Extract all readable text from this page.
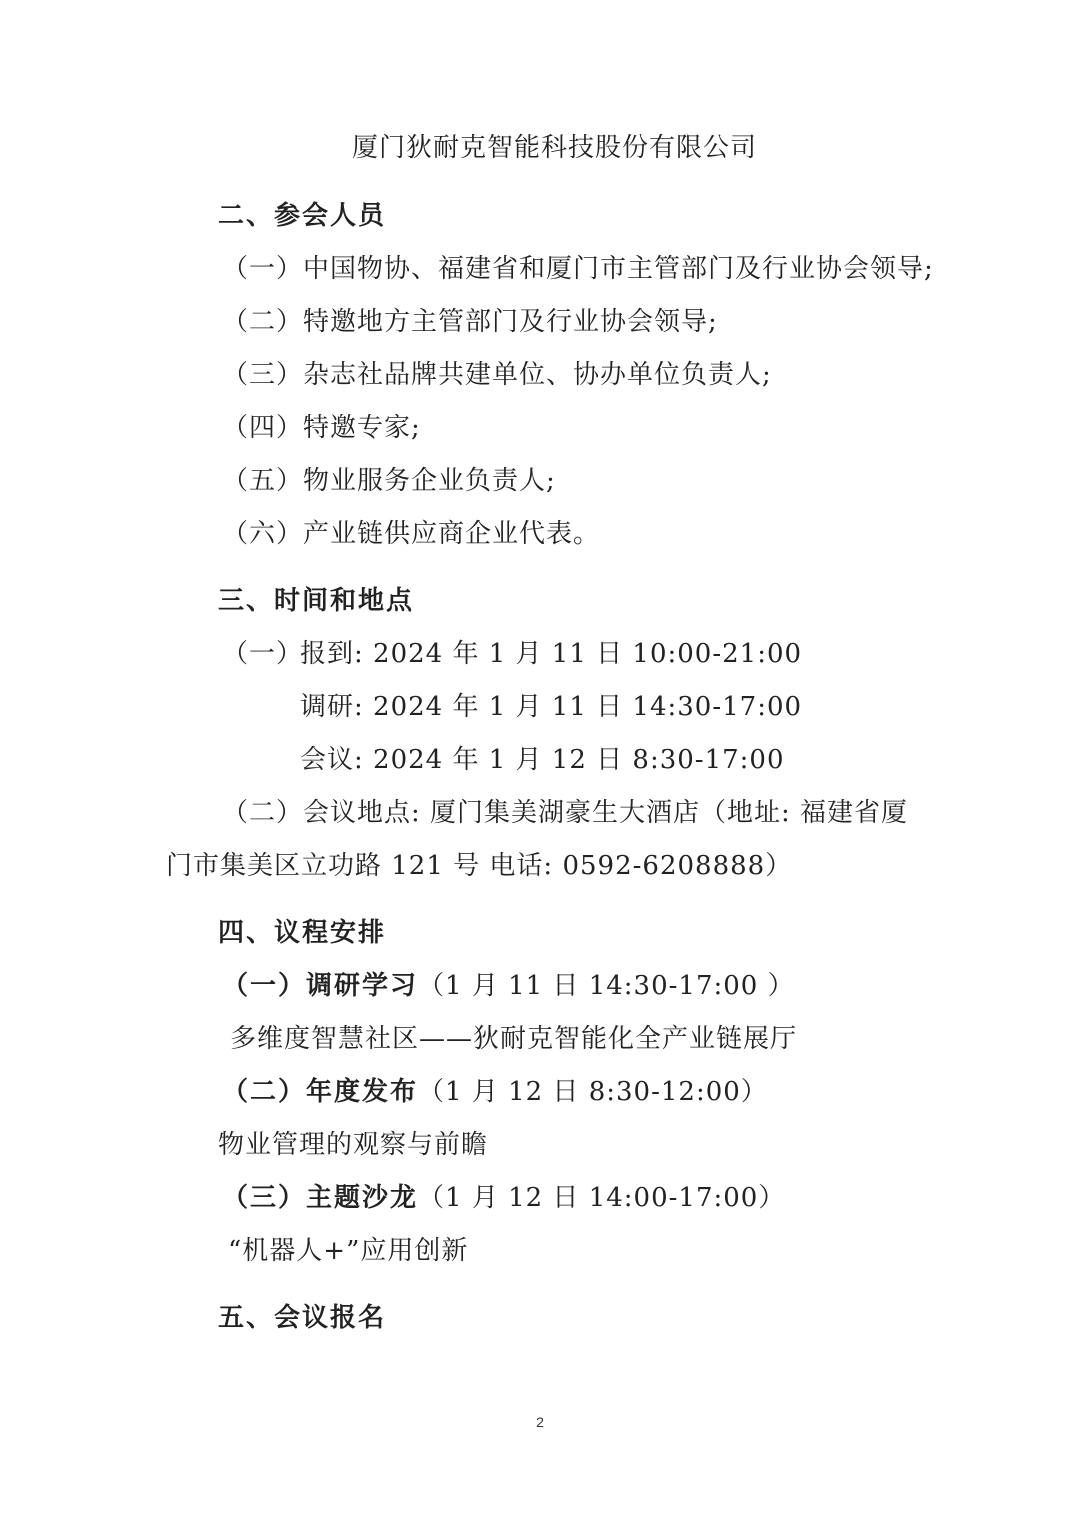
厦门狄耐克智能科技股份有限公司
二、参会人员
（一）中国物协、福建省和厦门市主管部门及行业协会领导;
（二）特邀地方主管部门及行业协会领导;
（三）杂志社品牌共建单位、协办单位负责人;
（四）特邀专家;
（五）物业服务企业负责人;
（六）产业链供应商企业代表。
三、时间和地点
（一）
报到: 2024 年 1 月 11 日 10:00-21:00
调研: 2024 年 1 月 11 日 14:30-17:00
会议: 2024 年 1 月 12 日 8:30-17:00
（二）会议地点: 厦门集美湖豪生大酒店（地址: 福建省厦
门市集美区立功路 121 号 电话: 0592-6208888）
四、议程安排
（一）调研学习（1 月 11 日 14:30-17:00 ）
多维度智慧社区——狄耐克智能化全产业链展厅
（二）年度发布（1 月 12 日 8:30-12:00）
物业管理的观察与前瞻
（三）主题沙龙（1 月 12 日 14:00-17:00）
“机器人+”应用创新
五、会议报名
2
